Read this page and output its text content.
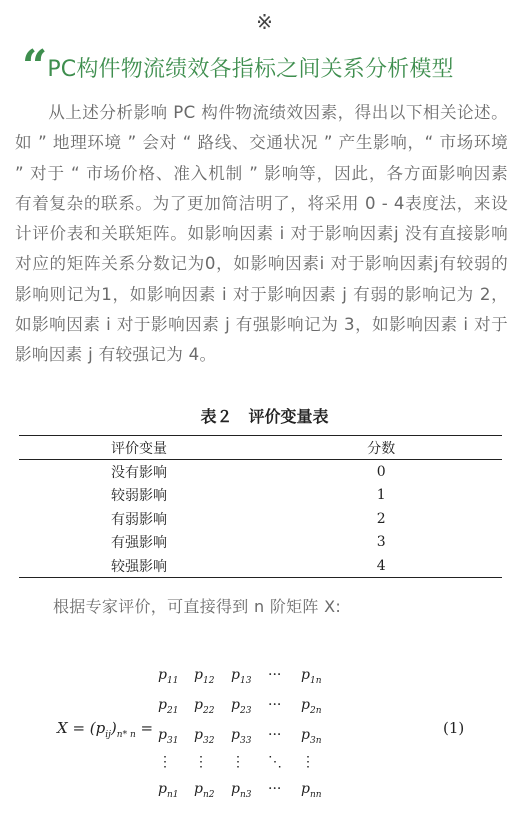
※
“ PC构件物流绩效各指标之间关系分析模型

从上述分析影响 PC 构件物流绩效因素，得出以下相关论述。如 ” 地理环境 ” 会对 “ 路线、交通状况 ” 产生影响，“ 市场环境 ” 对于 “ 市场价格、准入机制 ” 影响等，因此，各方面影响因素有着复杂的联系。为了更加简洁明了，将采用 0 - 4表度法，来设计评价表和关联矩阵。如影响因素 i 对于影响因素j 没有直接影响对应的矩阵关系分数记为0，如影响因素i 对于影响因素j有较弱的影响则记为1，如影响因素 i 对于影响因素 j 有弱的影响记为 2，如影响因素 i 对于影响因素 j 有强影响记为 3，如影响因素 i 对于影响因素 j 有较强记为 4。

表２　评价变量表
评价变量	分数
没有影响	0
较弱影响	1
有弱影响	2
有强影响	3
较强影响	4
根据专家评价，可直接得到 n 阶矩阵 X:
$X = (p_{ij})_{n* n}$ =	(1)
$p_{11}$ $p_{12}$ $p_{13}$ ··· $p_{1n}$
$p_{21}$ $p_{22}$ $p_{23}$ ··· $p_{2n}$
$p_{31}$ $p_{32}$ $p_{33}$ ··· $p_{3n}$
⋮ ⋮ ⋮ ⋱ ⋮
$p_{n1}$ $p_{n2}$ $p_{n3}$ ··· $p_{nn}$
